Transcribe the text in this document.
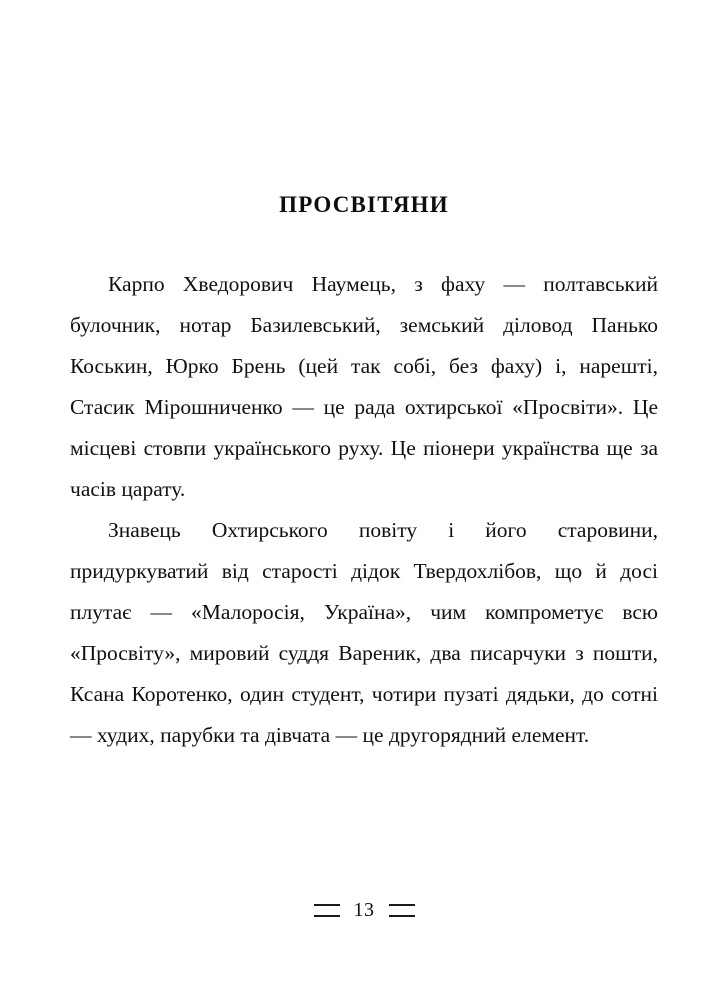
ПРОСВІТЯНИ

Карпо Хведорович Наумець, з фаху — полтавський булочник, нотар Базилевський, земський діловод Панько Коськин, Юрко Брень (цей так собі, без фаху) і, нарешті, Стасик Мірошниченко — це рада охтирської «Просвіти». Це місцеві стовпи українського руху. Це піонери українства ще за часів царату.

Знавець Охтирського повіту і його старовини, придуркуватий від старості дідок Твердохлібов, що й досі плутає — «Малоросія, Україна», чим компрометує всю «Просвіту», мировий суддя Вареник, два писарчуки з пошти, Ксана Коротенко, один студент, чотири пузаті дядьки, до сотні — худих, парубки та дівчата — це другорядний елемент.

13
